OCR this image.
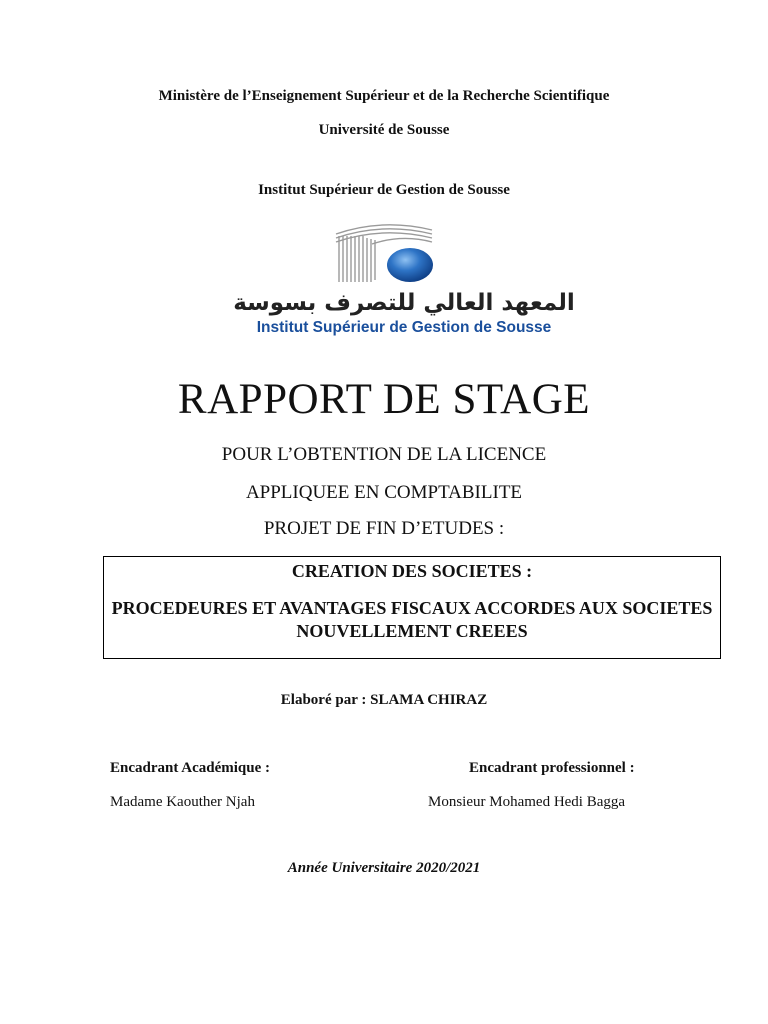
Ministère de l’Enseignement Supérieur et de la Recherche Scientifique
Université de Sousse
Institut Supérieur de Gestion de Sousse
المعهد العالي للتصرف بسوسة
Institut Supérieur de Gestion de Sousse
RAPPORT DE STAGE
POUR L’OBTENTION DE LA LICENCE
APPLIQUEE EN COMPTABILITE
PROJET DE FIN D’ETUDES :
CREATION DES SOCIETES :
PROCEDEURES ET AVANTAGES FISCAUX ACCORDES AUX SOCIETES NOUVELLEMENT CREEES
Elaboré par : SLAMA CHIRAZ
Encadrant Académique :	Encadrant professionnel :
Madame Kaouther Njah	Monsieur Mohamed Hedi Bagga
Année Universitaire 2020/2021
